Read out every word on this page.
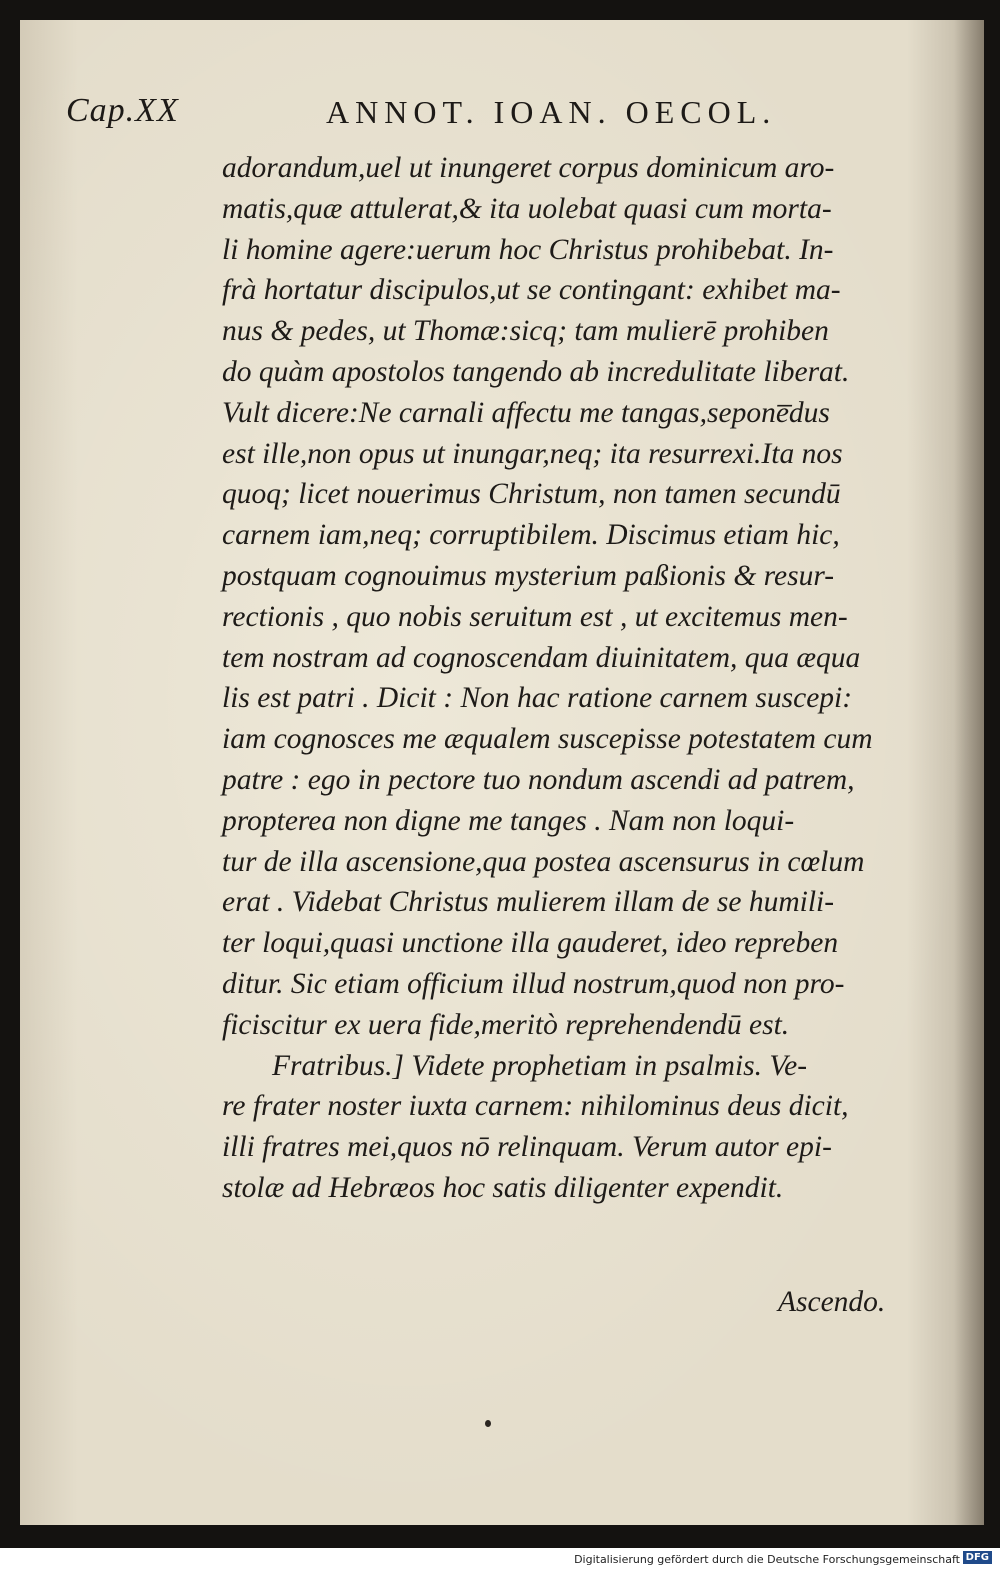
Cap.XX	ANNOT. IOAN. OECOL.
adorandum,uel ut inungeret corpus dominicum aro-
matis,quæ attulerat,& ita uolebat quasi cum morta-
li homine agere:uerum hoc Christus prohibebat. In-
frà hortatur discipulos,ut se contingant: exhibet ma-
nus & pedes, ut Thomæ:sicq; tam mulierē prohiben
do quàm apostolos tangendo ab incredulitate liberat.
Vult dicere:Ne carnali affectu me tangas,sepone̅dus
est ille,non opus ut inungar,neq; ita resurrexi.Ita nos
quoq; licet nouerimus Christum, non tamen secundū
carnem iam,neq; corruptibilem. Discimus etiam hic,
postquam cognouimus mysterium paßionis & resur-
rectionis , quo nobis seruitum est , ut excitemus men-
tem nostram ad cognoscendam diuinitatem, qua æqua
lis est patri . Dicit : Non hac ratione carnem suscepi:
iam cognosces me æqualem suscepisse potestatem cum
patre : ego in pectore tuo nondum ascendi ad patrem,
propterea non digne me tanges . Nam non loqui-
tur de illa ascensione,qua postea ascensurus in cœlum
erat . Videbat Christus mulierem illam de se humili-
ter loqui,quasi unctione illa gauderet, ideo repreben
ditur. Sic etiam officium illud nostrum,quod non pro-
ficiscitur ex uera fide,meritò reprehendendū est.
Fratribus.] Videte prophetiam in psalmis. Ve-
re frater noster iuxta carnem: nihilominus deus dicit,
illi fratres mei,quos nō relinquam. Verum autor epi-
stolæ ad Hebræos hoc satis diligenter expendit.
Ascendo.
Digitalisierung gefördert durch die Deutsche Forschungsgemeinschaft DFG
